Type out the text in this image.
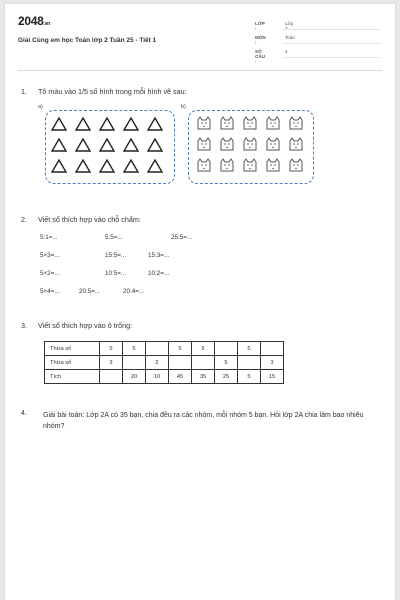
2048.vn
Giải Cùng em học Toán lớp 2 Tuần 25 - Tiết 1
LỚP :
Lớp 2
MÔN :
Toán
SỐ CÂU :
4
1. Tô màu vào 1/5 số hình trong mỗi hình vẽ sau:
a)	b)
2. Viết số thích hợp vào chỗ chấm:
5:1=...	5:5=...	25:5=...
5×3=...	15:5=...	15:3=...
5×2=...	10:5=...	10:2=...
5×4=...	20:5=...	20:4=...
3. Viết số thích hợp vào ô trống:
Thừa số	5	5		5	5		5	
Thừa số	3		2			5		3
Tích		20	10	45	35	25	5	15
4. Giải bài toán: Lớp 2A có 35 bạn, chia đều ra các nhóm, mỗi nhóm 5 bạn. Hỏi lớp 2A chia làm bao nhiêu nhóm?
